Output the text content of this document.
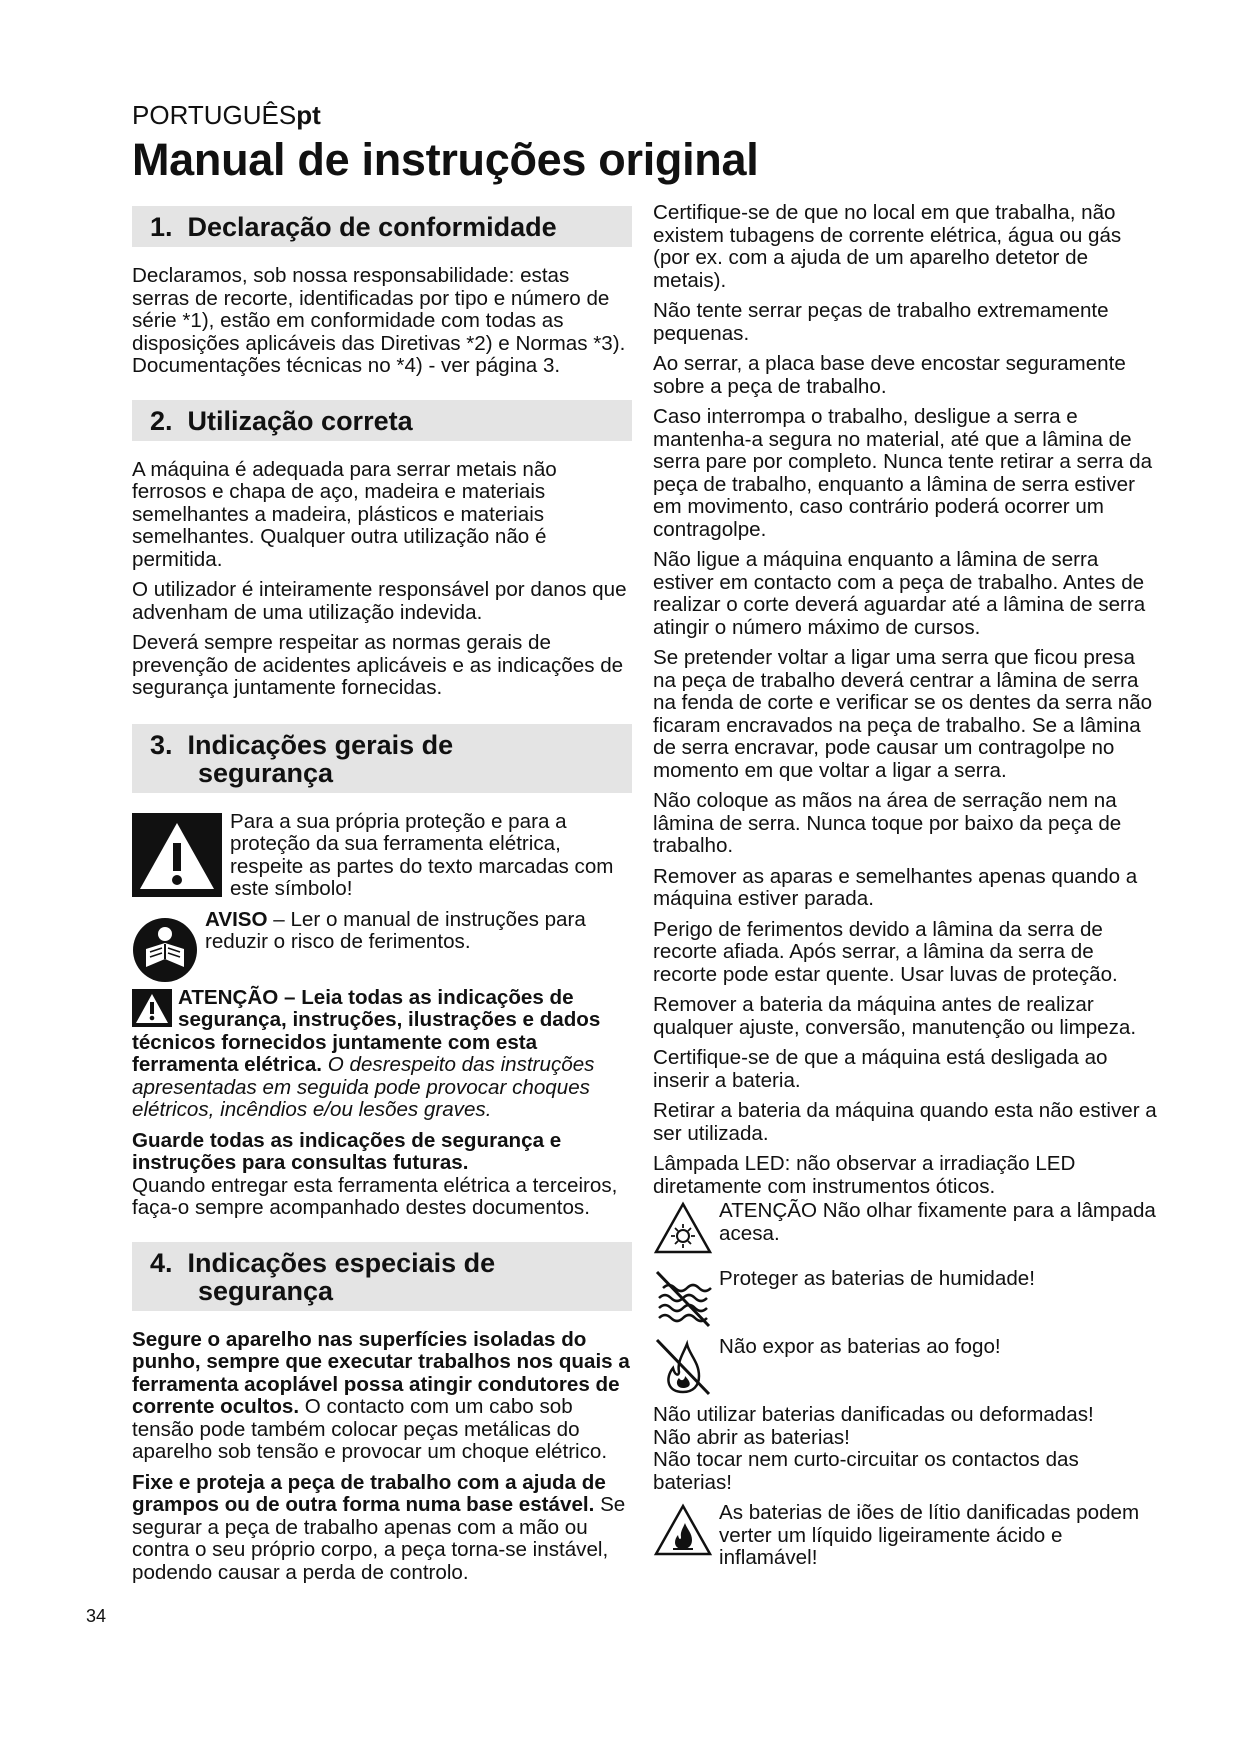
PORTUGUÊSpt
Manual de instruções original
1. Declaração de conformidade

Declaramos, sob nossa responsabilidade: estas serras de recorte, identificadas por tipo e número de série *1), estão em conformidade com todas as disposições aplicáveis das Diretivas *2) e Normas *3). Documentações técnicas no *4) - ver página 3.

2. Utilização correta

A máquina é adequada para serrar metais não ferrosos e chapa de aço, madeira e materiais semelhantes a madeira, plásticos e materiais semelhantes. Qualquer outra utilização não é permitida.

O utilizador é inteiramente responsável por danos que advenham de uma utilização indevida.

Deverá sempre respeitar as normas gerais de prevenção de acidentes aplicáveis e as indicações de segurança juntamente fornecidas.

3. Indicações gerais de
segurança

Para a sua própria proteção e para a proteção da sua ferramenta elétrica, respeite as partes do texto marcadas com este símbolo!

AVISO – Ler o manual de instruções para reduzir o risco de ferimentos.

ATENÇÃO – Leia todas as indicações de segurança, instruções, ilustrações e dados técnicos fornecidos juntamente com esta ferramenta elétrica. O desrespeito das instruções apresentadas em seguida pode provocar choques elétricos, incêndios e/ou lesões graves.

Guarde todas as indicações de segurança e instruções para consultas futuras.

Quando entregar esta ferramenta elétrica a terceiros, faça-o sempre acompanhado destes documentos.

4. Indicações especiais de
segurança

Segure o aparelho nas superfícies isoladas do punho, sempre que executar trabalhos nos quais a ferramenta acoplável possa atingir condutores de corrente ocultos. O contacto com um cabo sob tensão pode também colocar peças metálicas do aparelho sob tensão e provocar um choque elétrico.

Fixe e proteja a peça de trabalho com a ajuda de grampos ou de outra forma numa base estável. Se segurar a peça de trabalho apenas com a mão ou contra o seu próprio corpo, a peça torna-se instável, podendo causar a perda de controlo.

Certifique-se de que no local em que trabalha, não existem tubagens de corrente elétrica, água ou gás (por ex. com a ajuda de um aparelho detetor de metais).

Não tente serrar peças de trabalho extremamente pequenas.

Ao serrar, a placa base deve encostar seguramente sobre a peça de trabalho.

Caso interrompa o trabalho, desligue a serra e mantenha-a segura no material, até que a lâmina de serra pare por completo. Nunca tente retirar a serra da peça de trabalho, enquanto a lâmina de serra estiver em movimento, caso contrário poderá ocorrer um contragolpe.

Não ligue a máquina enquanto a lâmina de serra estiver em contacto com a peça de trabalho. Antes de realizar o corte deverá aguardar até a lâmina de serra atingir o número máximo de cursos.

Se pretender voltar a ligar uma serra que ficou presa na peça de trabalho deverá centrar a lâmina de serra na fenda de corte e verificar se os dentes da serra não ficaram encravados na peça de trabalho. Se a lâmina de serra encravar, pode causar um contragolpe no momento em que voltar a ligar a serra.

Não coloque as mãos na área de serração nem na lâmina de serra. Nunca toque por baixo da peça de trabalho.

Remover as aparas e semelhantes apenas quando a máquina estiver parada.

Perigo de ferimentos devido a lâmina da serra de recorte afiada. Após serrar, a lâmina da serra de recorte pode estar quente. Usar luvas de proteção.

Remover a bateria da máquina antes de realizar qualquer ajuste, conversão, manutenção ou limpeza.

Certifique-se de que a máquina está desligada ao inserir a bateria.

Retirar a bateria da máquina quando esta não estiver a ser utilizada.

Lâmpada LED: não observar a irradiação LED diretamente com instrumentos óticos.

ATENÇÃO Não olhar fixamente para a lâmpada acesa.

Proteger as baterias de humidade!

Não expor as baterias ao fogo!

Não utilizar baterias danificadas ou deformadas!

Não abrir as baterias!

Não tocar nem curto-circuitar os contactos das baterias!

As baterias de iões de lítio danificadas podem verter um líquido ligeiramente ácido e inflamável!

34
